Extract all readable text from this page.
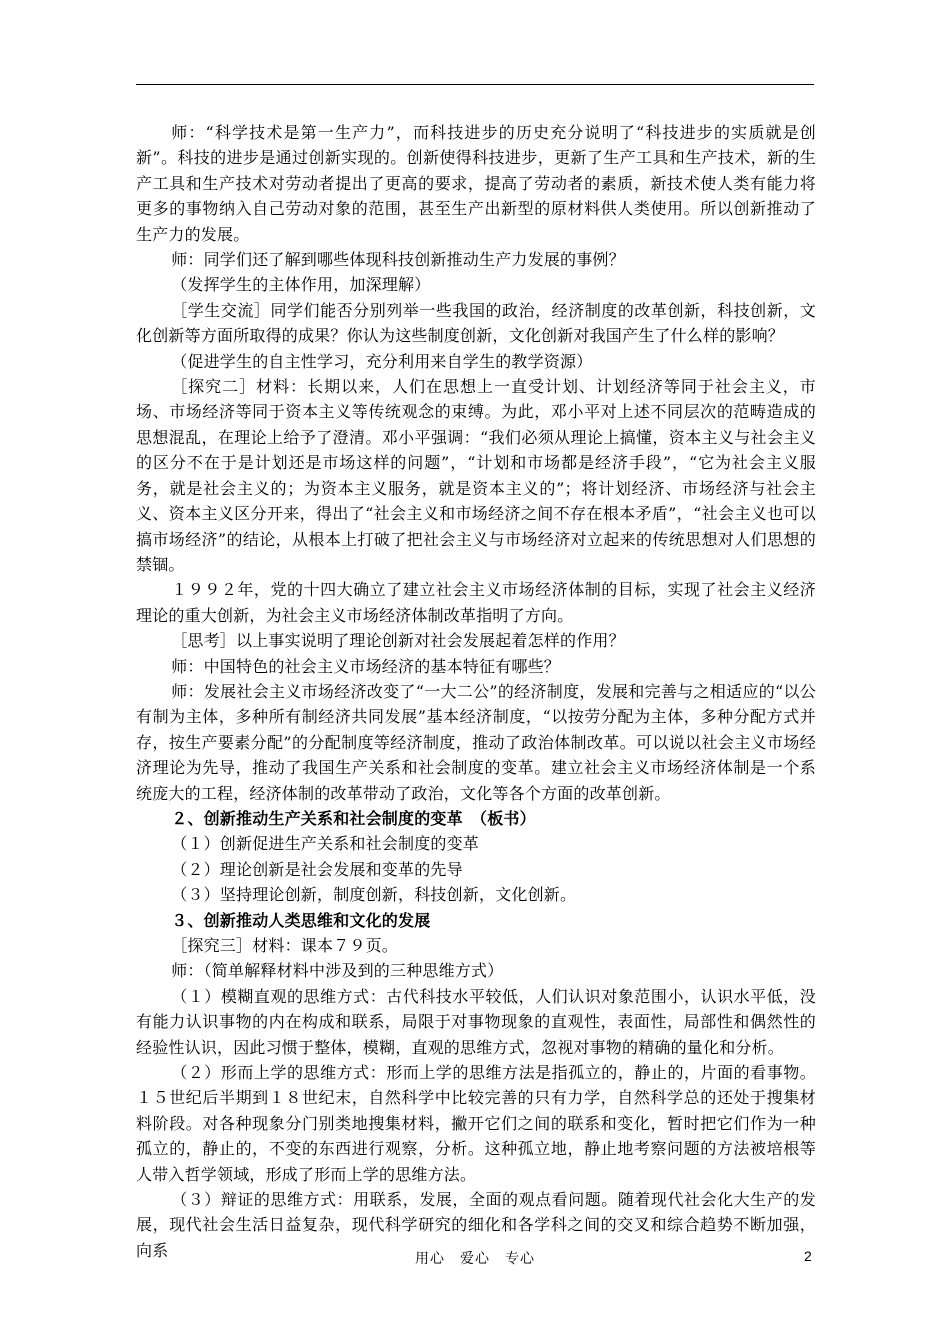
师：“科学技术是第一生产力”，而科技进步的历史充分说明了“科技进步的实质就是创新”。科技的进步是通过创新实现的。创新使得科技进步，更新了生产工具和生产技术，新的生产工具和生产技术对劳动者提出了更高的要求，提高了劳动者的素质，新技术使人类有能力将更多的事物纳入自己劳动对象的范围，甚至生产出新型的原材料供人类使用。所以创新推动了生产力的发展。

师：同学们还了解到哪些体现科技创新推动生产力发展的事例？

（发挥学生的主体作用，加深理解）

［学生交流］同学们能否分别列举一些我国的政治，经济制度的改革创新，科技创新，文化创新等方面所取得的成果？你认为这些制度创新，文化创新对我国产生了什么样的影响？

（促进学生的自主性学习，充分利用来自学生的教学资源）

［探究二］材料：长期以来，人们在思想上一直受计划、计划经济等同于社会主义，市场、市场经济等同于资本主义等传统观念的束缚。为此，邓小平对上述不同层次的范畴造成的思想混乱，在理论上给予了澄清。邓小平强调：“我们必须从理论上搞懂，资本主义与社会主义的区分不在于是计划还是市场这样的问题”，“计划和市场都是经济手段”，“它为社会主义服务，就是社会主义的；为资本主义服务，就是资本主义的”；将计划经济、市场经济与社会主义、资本主义区分开来，得出了“社会主义和市场经济之间不存在根本矛盾”，“社会主义也可以搞市场经济”的结论，从根本上打破了把社会主义与市场经济对立起来的传统思想对人们思想的禁锢。

１９９２年，党的十四大确立了建立社会主义市场经济体制的目标，实现了社会主义经济理论的重大创新，为社会主义市场经济体制改革指明了方向。

［思考］以上事实说明了理论创新对社会发展起着怎样的作用？

师：中国特色的社会主义市场经济的基本特征有哪些？

师：发展社会主义市场经济改变了“一大二公”的经济制度，发展和完善与之相适应的“以公有制为主体，多种所有制经济共同发展”基本经济制度，“以按劳分配为主体，多种分配方式并存，按生产要素分配”的分配制度等经济制度，推动了政治体制改革。可以说以社会主义市场经济理论为先导，推动了我国生产关系和社会制度的变革。建立社会主义市场经济体制是一个系统庞大的工程，经济体制的改革带动了政治，文化等各个方面的改革创新。

２、创新推动生产关系和社会制度的变革　（板书）

（１）创新促进生产关系和社会制度的变革

（２）理论创新是社会发展和变革的先导

（３）坚持理论创新，制度创新，科技创新，文化创新。

３、创新推动人类思维和文化的发展

［探究三］材料：课本７９页。

师：（简单解释材料中涉及到的三种思维方式）

（１）模糊直观的思维方式：古代科技水平较低，人们认识对象范围小，认识水平低，没有能力认识事物的内在构成和联系，局限于对事物现象的直观性，表面性，局部性和偶然性的经验性认识，因此习惯于整体，模糊，直观的思维方式，忽视对事物的精确的量化和分析。

（２）形而上学的思维方式：形而上学的思维方法是指孤立的，静止的，片面的看事物。１５世纪后半期到１８世纪末，自然科学中比较完善的只有力学，自然科学总的还处于搜集材料阶段。对各种现象分门别类地搜集材料，撇开它们之间的联系和变化，暂时把它们作为一种孤立的，静止的，不变的东西进行观察，分析。这种孤立地，静止地考察问题的方法被培根等人带入哲学领域，形成了形而上学的思维方法。

（３）辩证的思维方式：用联系，发展，全面的观点看问题。随着现代社会化大生产的发展，现代社会生活日益复杂，现代科学研究的细化和各学科之间的交叉和综合趋势不断加强，向系	用心　爱心　专心	2
